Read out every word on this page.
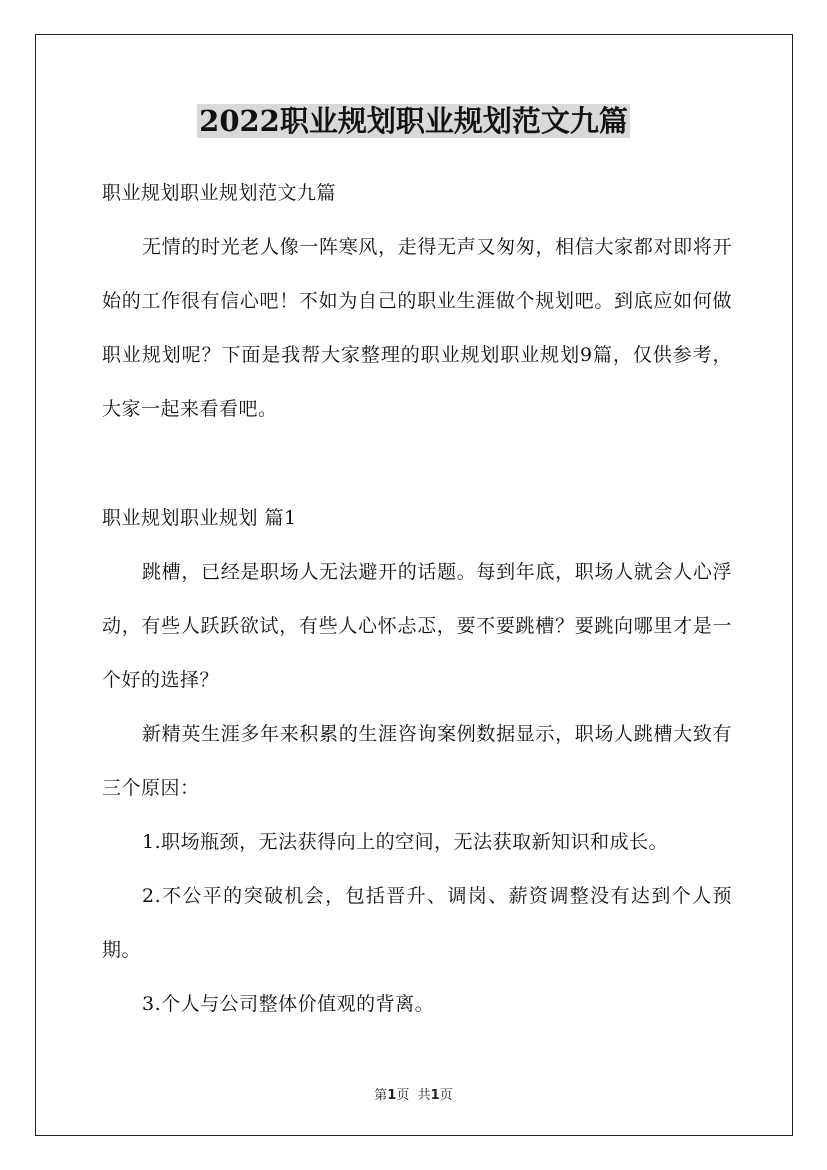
2022职业规划职业规划范文九篇

职业规划职业规划范文九篇

无情的时光老人像一阵寒风，走得无声又匆匆，相信大家都对即将开始的工作很有信心吧！不如为自己的职业生涯做个规划吧。到底应如何做职业规划呢？下面是我帮大家整理的职业规划职业规划9篇，仅供参考，大家一起来看看吧。

职业规划职业规划 篇1

跳槽，已经是职场人无法避开的话题。每到年底，职场人就会人心浮动，有些人跃跃欲试，有些人心怀忐忑，要不要跳槽？要跳向哪里才是一个好的选择？

新精英生涯多年来积累的生涯咨询案例数据显示，职场人跳槽大致有三个原因：

1.职场瓶颈，无法获得向上的空间，无法获取新知识和成长。

2.不公平的突破机会，包括晋升、调岗、薪资调整没有达到个人预期。

3.个人与公司整体价值观的背离。

第1页 共1页
